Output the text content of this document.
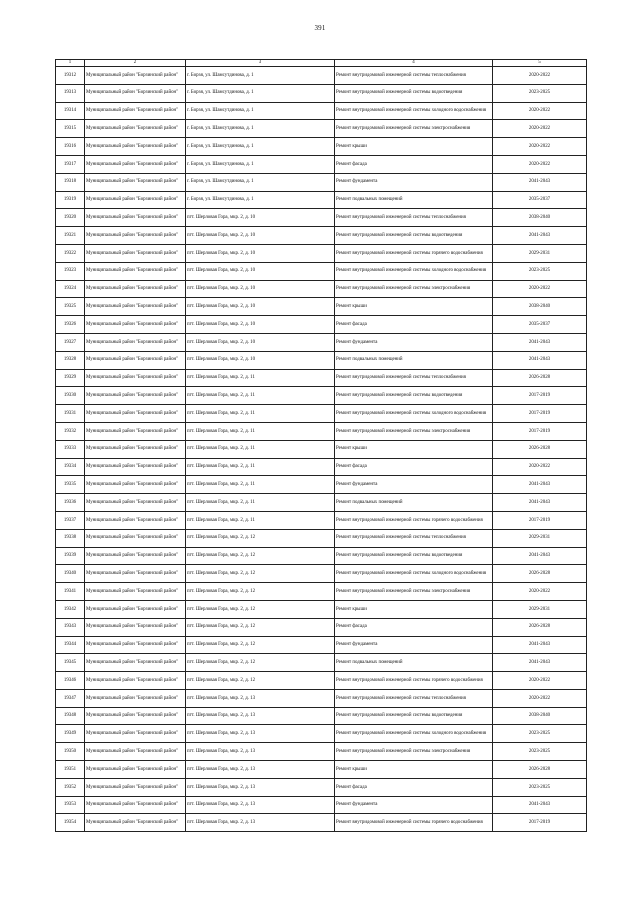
391
1	2	3	4	5
19312	Муниципальный район "Борзинский район"	г. Борзя, ул. Шамсутдинова, д. 1	Ремонт внутридомовой инженерной системы теплоснабжения	2020-2022
19313	Муниципальный район "Борзинский район"	г. Борзя, ул. Шамсутдинова, д. 1	Ремонт внутридомовой инженерной системы водоотведения	2023-2025
19314	Муниципальный район "Борзинский район"	г. Борзя, ул. Шамсутдинова, д. 1	Ремонт внутридомовой инженерной системы холодного водоснабжения	2020-2022
19315	Муниципальный район "Борзинский район"	г. Борзя, ул. Шамсутдинова, д. 1	Ремонт внутридомовой инженерной системы электроснабжения	2020-2022
19316	Муниципальный район "Борзинский район"	г. Борзя, ул. Шамсутдинова, д. 1	Ремонт крыши	2020-2022
19317	Муниципальный район "Борзинский район"	г. Борзя, ул. Шамсутдинова, д. 1	Ремонт фасада	2020-2022
19318	Муниципальный район "Борзинский район"	г. Борзя, ул. Шамсутдинова, д. 1	Ремонт фундамента	2041-2043
19319	Муниципальный район "Борзинский район"	г. Борзя, ул. Шамсутдинова, д. 1	Ремонт подвальных помещений	2035-2037
19320	Муниципальный район "Борзинский район"	пгт. Шерловая Гора, мкр. 2, д. 10	Ремонт внутридомовой инженерной системы теплоснабжения	2038-2040
19321	Муниципальный район "Борзинский район"	пгт. Шерловая Гора, мкр. 2, д. 10	Ремонт внутридомовой инженерной системы водоотведения	2041-2043
19322	Муниципальный район "Борзинский район"	пгт. Шерловая Гора, мкр. 2, д. 10	Ремонт внутридомовой инженерной системы горячего водоснабжения	2029-2031
19323	Муниципальный район "Борзинский район"	пгт. Шерловая Гора, мкр. 2, д. 10	Ремонт внутридомовой инженерной системы холодного водоснабжения	2023-2025
19324	Муниципальный район "Борзинский район"	пгт. Шерловая Гора, мкр. 2, д. 10	Ремонт внутридомовой инженерной системы электроснабжения	2020-2022
19325	Муниципальный район "Борзинский район"	пгт. Шерловая Гора, мкр. 2, д. 10	Ремонт крыши	2038-2040
19326	Муниципальный район "Борзинский район"	пгт. Шерловая Гора, мкр. 2, д. 10	Ремонт фасада	2035-2037
19327	Муниципальный район "Борзинский район"	пгт. Шерловая Гора, мкр. 2, д. 10	Ремонт фундамента	2041-2043
19328	Муниципальный район "Борзинский район"	пгт. Шерловая Гора, мкр. 2, д. 10	Ремонт подвальных помещений	2041-2043
19329	Муниципальный район "Борзинский район"	пгт. Шерловая Гора, мкр. 2, д. 11	Ремонт внутридомовой инженерной системы теплоснабжения	2026-2028
19330	Муниципальный район "Борзинский район"	пгт. Шерловая Гора, мкр. 2, д. 11	Ремонт внутридомовой инженерной системы водоотведения	2017-2019
19331	Муниципальный район "Борзинский район"	пгт. Шерловая Гора, мкр. 2, д. 11	Ремонт внутридомовой инженерной системы холодного водоснабжения	2017-2019
19332	Муниципальный район "Борзинский район"	пгт. Шерловая Гора, мкр. 2, д. 11	Ремонт внутридомовой инженерной системы электроснабжения	2017-2019
19333	Муниципальный район "Борзинский район"	пгт. Шерловая Гора, мкр. 2, д. 11	Ремонт крыши	2026-2028
19334	Муниципальный район "Борзинский район"	пгт. Шерловая Гора, мкр. 2, д. 11	Ремонт фасада	2020-2022
19335	Муниципальный район "Борзинский район"	пгт. Шерловая Гора, мкр. 2, д. 11	Ремонт фундамента	2041-2043
19336	Муниципальный район "Борзинский район"	пгт. Шерловая Гора, мкр. 2, д. 11	Ремонт подвальных помещений	2041-2043
19337	Муниципальный район "Борзинский район"	пгт. Шерловая Гора, мкр. 2, д. 11	Ремонт внутридомовой инженерной системы горячего водоснабжения	2017-2019
19338	Муниципальный район "Борзинский район"	пгт. Шерловая Гора, мкр. 2, д. 12	Ремонт внутридомовой инженерной системы теплоснабжения	2029-2031
19339	Муниципальный район "Борзинский район"	пгт. Шерловая Гора, мкр. 2, д. 12	Ремонт внутридомовой инженерной системы водоотведения	2041-2043
19340	Муниципальный район "Борзинский район"	пгт. Шерловая Гора, мкр. 2, д. 12	Ремонт внутридомовой инженерной системы холодного водоснабжения	2026-2028
19341	Муниципальный район "Борзинский район"	пгт. Шерловая Гора, мкр. 2, д. 12	Ремонт внутридомовой инженерной системы электроснабжения	2020-2022
19342	Муниципальный район "Борзинский район"	пгт. Шерловая Гора, мкр. 2, д. 12	Ремонт крыши	2029-2031
19343	Муниципальный район "Борзинский район"	пгт. Шерловая Гора, мкр. 2, д. 12	Ремонт фасада	2026-2028
19344	Муниципальный район "Борзинский район"	пгт. Шерловая Гора, мкр. 2, д. 12	Ремонт фундамента	2041-2043
19345	Муниципальный район "Борзинский район"	пгт. Шерловая Гора, мкр. 2, д. 12	Ремонт подвальных помещений	2041-2043
19346	Муниципальный район "Борзинский район"	пгт. Шерловая Гора, мкр. 2, д. 12	Ремонт внутридомовой инженерной системы горячего водоснабжения	2020-2022
19347	Муниципальный район "Борзинский район"	пгт. Шерловая Гора, мкр. 2, д. 13	Ремонт внутридомовой инженерной системы теплоснабжения	2020-2022
19348	Муниципальный район "Борзинский район"	пгт. Шерловая Гора, мкр. 2, д. 13	Ремонт внутридомовой инженерной системы водоотведения	2038-2040
19349	Муниципальный район "Борзинский район"	пгт. Шерловая Гора, мкр. 2, д. 13	Ремонт внутридомовой инженерной системы холодного водоснабжения	2023-2025
19350	Муниципальный район "Борзинский район"	пгт. Шерловая Гора, мкр. 2, д. 13	Ремонт внутридомовой инженерной системы электроснабжения	2023-2025
19351	Муниципальный район "Борзинский район"	пгт. Шерловая Гора, мкр. 2, д. 13	Ремонт крыши	2026-2028
19352	Муниципальный район "Борзинский район"	пгт. Шерловая Гора, мкр. 2, д. 13	Ремонт фасада	2023-2025
19353	Муниципальный район "Борзинский район"	пгт. Шерловая Гора, мкр. 2, д. 13	Ремонт фундамента	2041-2043
19354	Муниципальный район "Борзинский район"	пгт. Шерловая Гора, мкр. 2, д. 13	Ремонт внутридомовой инженерной системы горячего водоснабжения	2017-2019
